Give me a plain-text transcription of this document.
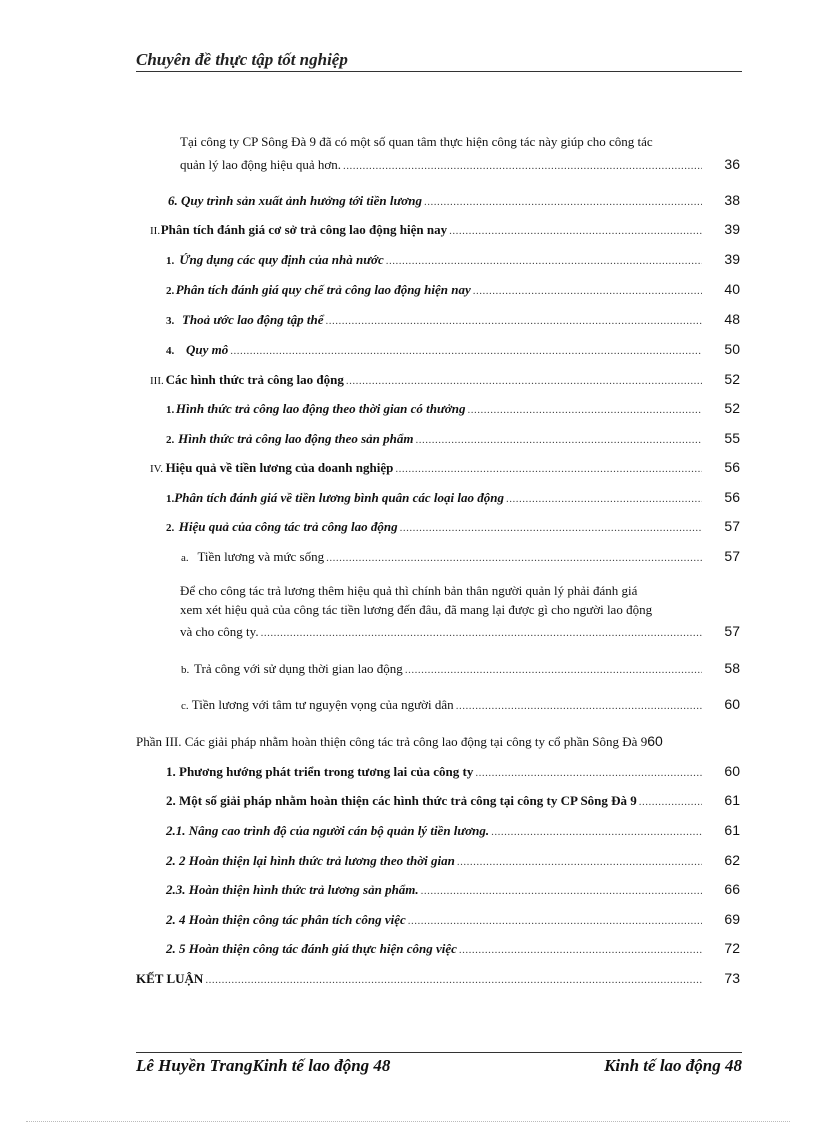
Chuyên đề thực tập tốt nghiệp
Tại công ty CP Sông Đà 9 đã có một số quan tâm thực hiện công tác này giúp cho công tác
quản lý lao động hiệu quả hơn. .....	36
6. Quy trình sản xuất ảnh hưởng tới tiền lương .....	38
II. Phân tích đánh giá cơ sở trả công lao động hiện nay .....	39
1. Ứng dụng các quy định của nhà nước .....	39
2. Phân tích đánh giá quy chế trả công lao động hiện nay .....	40
3. Thoả ước lao động tập thể .....	48
4. Quy mô .....	50
III. Các hình thức trả công lao động .....	52
1. Hình thức trả công lao động theo thời gian có thưởng .....	52
2. Hình thức trả công lao động theo sản phẩm .....	55
IV. Hiệu quả về tiền lương của doanh nghiệp .....	56
1. Phân tích đánh giá về tiền lương bình quân các loại lao động .....	56
2. Hiệu quả của công tác trả công lao động .....	57
a. Tiền lương và mức sống .....	57
Để cho công tác trả lương thêm hiệu quả thì chính bản thân người quản lý phải đánh giá
xem xét hiệu quả của công tác tiền lương đến đâu, đã mang lại được gì cho người lao động
và cho công ty. .....	57
b. Trả công với sử dụng thời gian lao động .....	58
c. Tiền lương với tâm tư nguyện vọng của người dân .....	60
Phần III. Các giải pháp nhằm hoàn thiện công tác trả công lao động tại công ty cổ phần Sông Đà 9 60
1. Phương hướng phát triển trong tương lai của công ty .....	60
2. Một số giải pháp nhằm hoàn thiện các hình thức trả công tại công ty CP Sông Đà 9 .....	61
2.1. Nâng cao trình độ của người cán bộ quản lý tiền lương. .....	61
2. 2 Hoàn thiện lại hình thức trả lương theo thời gian .....	62
2.3. Hoàn thiện hình thức trả lương sản phẩm. .....	66
2. 4 Hoàn thiện công tác phân tích công việc .....	69
2. 5 Hoàn thiện công tác đánh giá thực hiện công việc .....	72
KẾT LUẬN .....	73
Lê Huyền TrangKinh tế lao động 48	Kinh tế lao động 48
